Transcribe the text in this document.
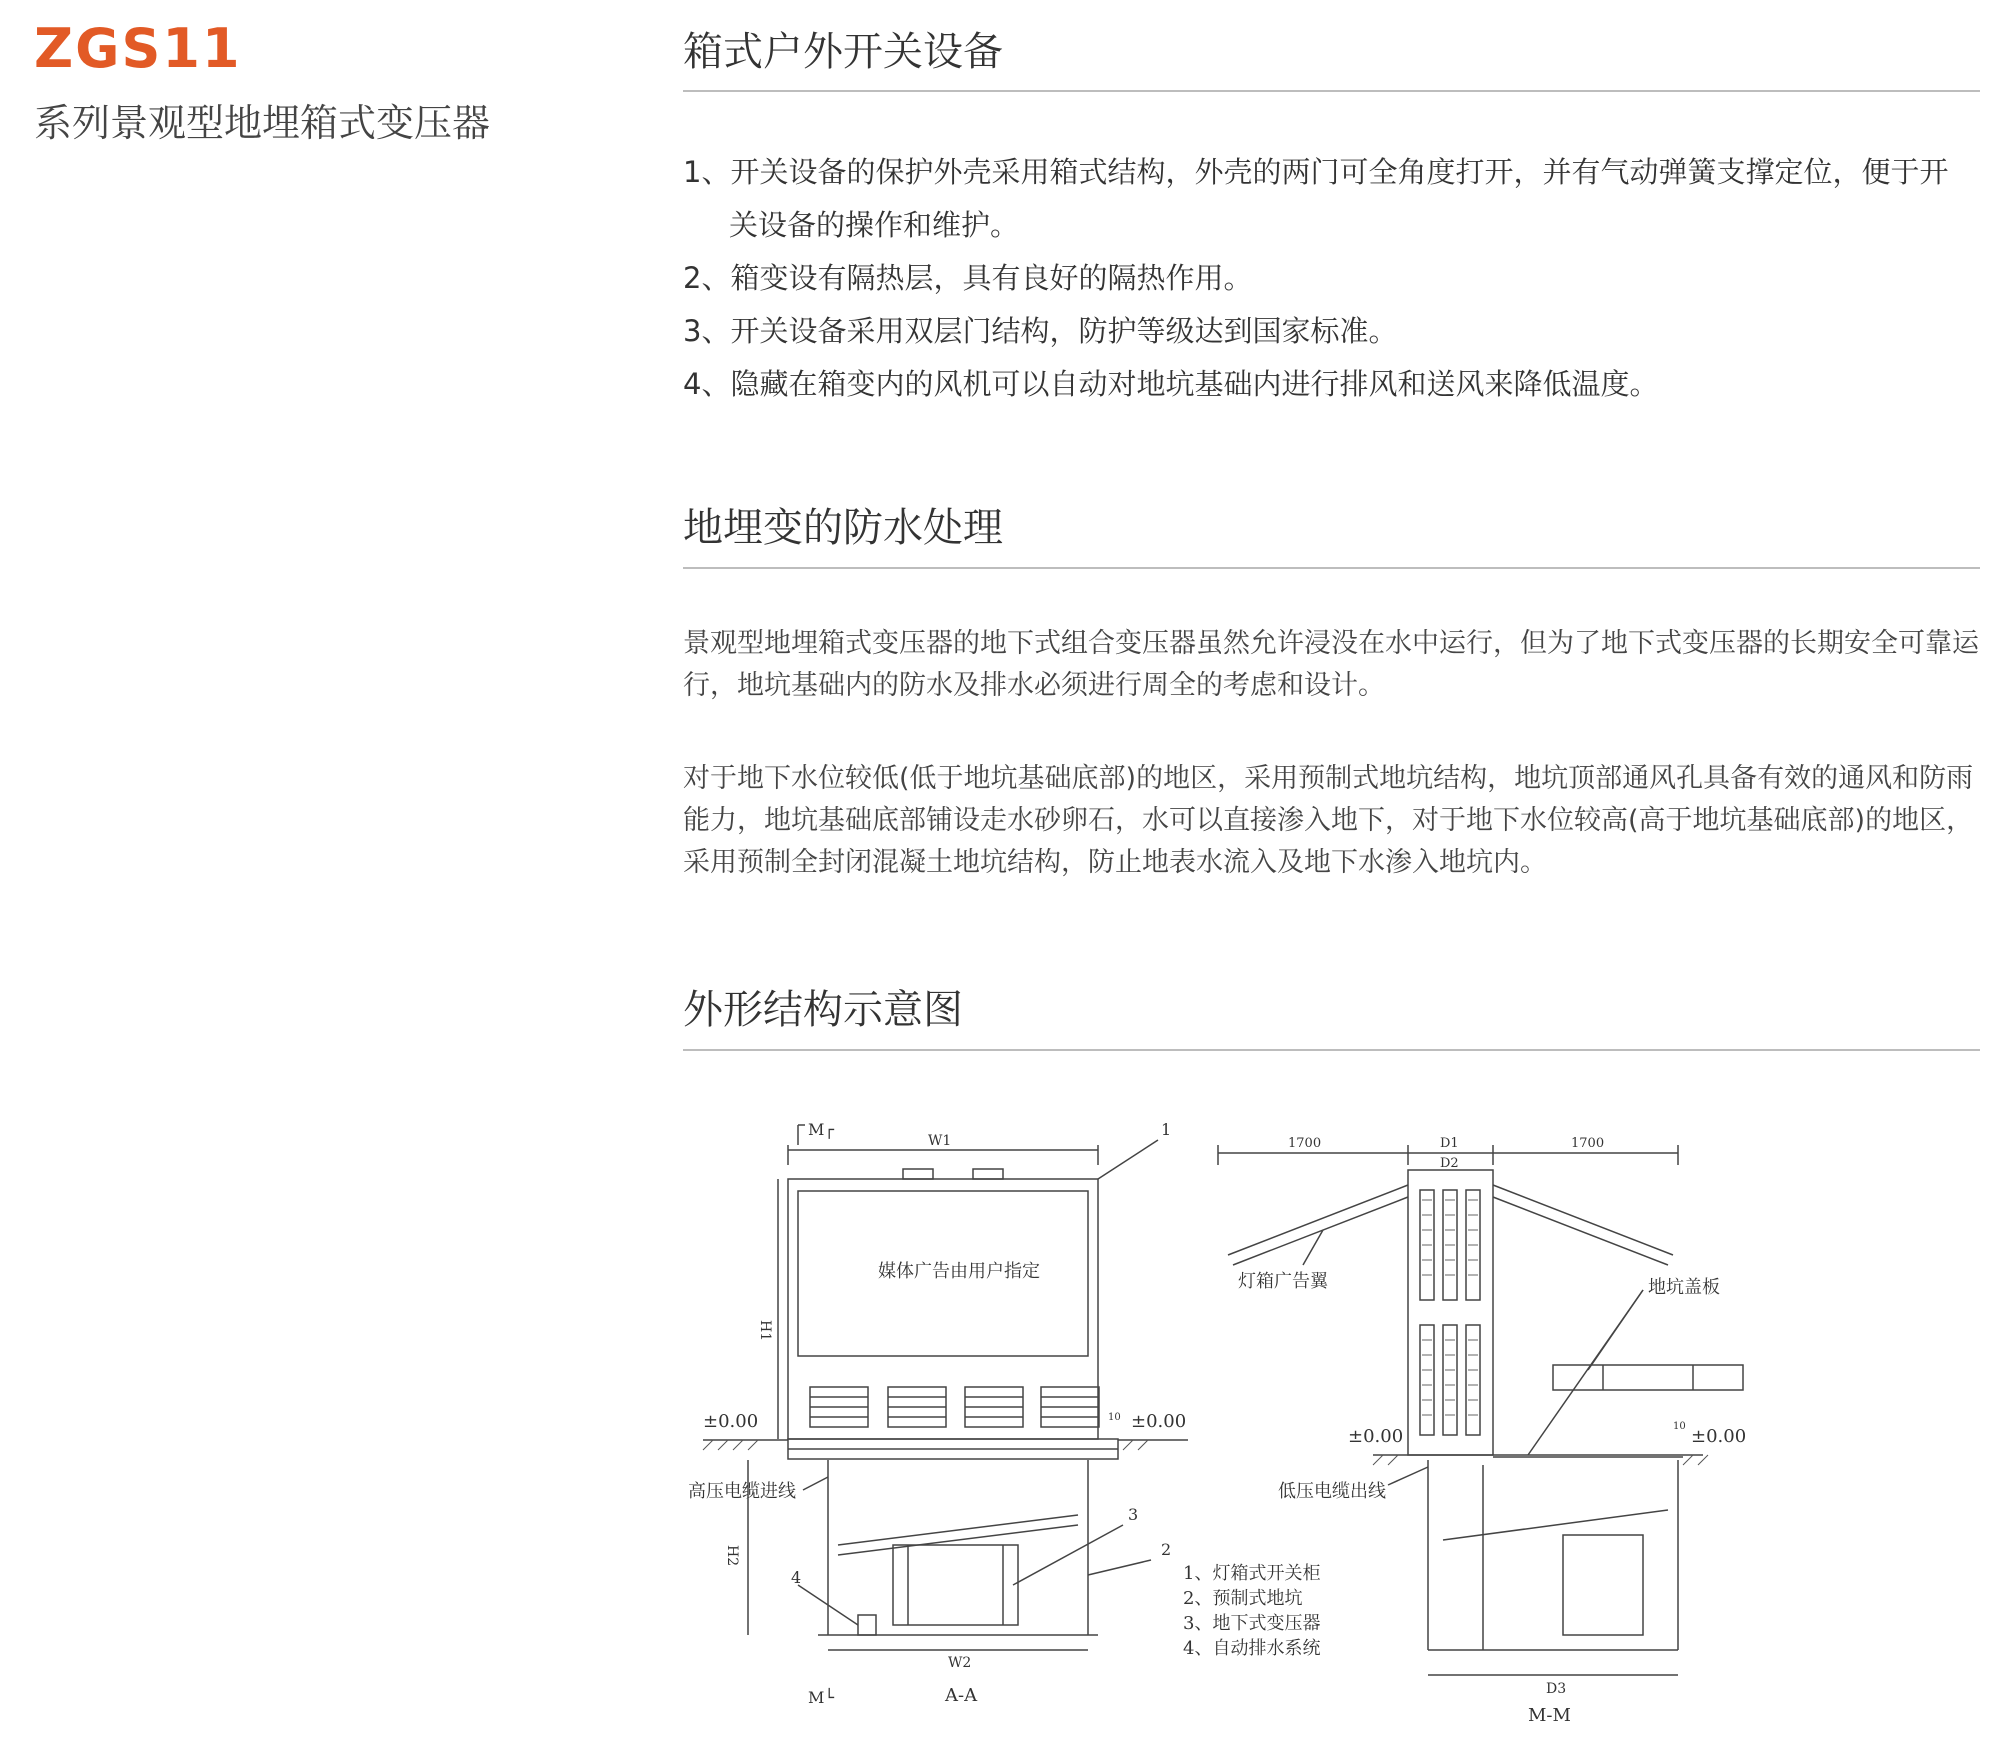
ZGS11
系列景观型地埋箱式变压器
箱式户外开关设备
1、开关设备的保护外壳采用箱式结构，外壳的两门可全角度打开，并有气动弹簧支撑定位，便于开关设备的操作和维护。
2、箱变设有隔热层，具有良好的隔热作用。
3、开关设备采用双层门结构，防护等级达到国家标准。
4、隐藏在箱变内的风机可以自动对地坑基础内进行排风和送风来降低温度。
地埋变的防水处理

景观型地埋箱式变压器的地下式组合变压器虽然允许浸没在水中运行，但为了地下式变压器的长期安全可靠运行，地坑基础内的防水及排水必须进行周全的考虑和设计。

对于地下水位较低(低于地坑基础底部)的地区，采用预制式地坑结构，地坑顶部通风孔具备有效的通风和防雨能力，地坑基础底部铺设走水砂卵石，水可以直接渗入地下，对于地下水位较高(高于地坑基础底部)的地区，采用预制全封闭混凝土地坑结构，防止地表水流入及地下水渗入地坑内。

外形结构示意图
M┌
W1
1
媒体广告由用户指定
H1
±0.00	±0.00
10
高压电缆进线
H2	2
3
4
W2
M└	A-A
1700	1700
D1
D2
灯箱广告翼	地坑盖板
±0.00	±0.00
10
低压电缆出线
D3
M-M
1、灯箱式开关柜
2、预制式地坑
3、地下式变压器
4、自动排水系统
